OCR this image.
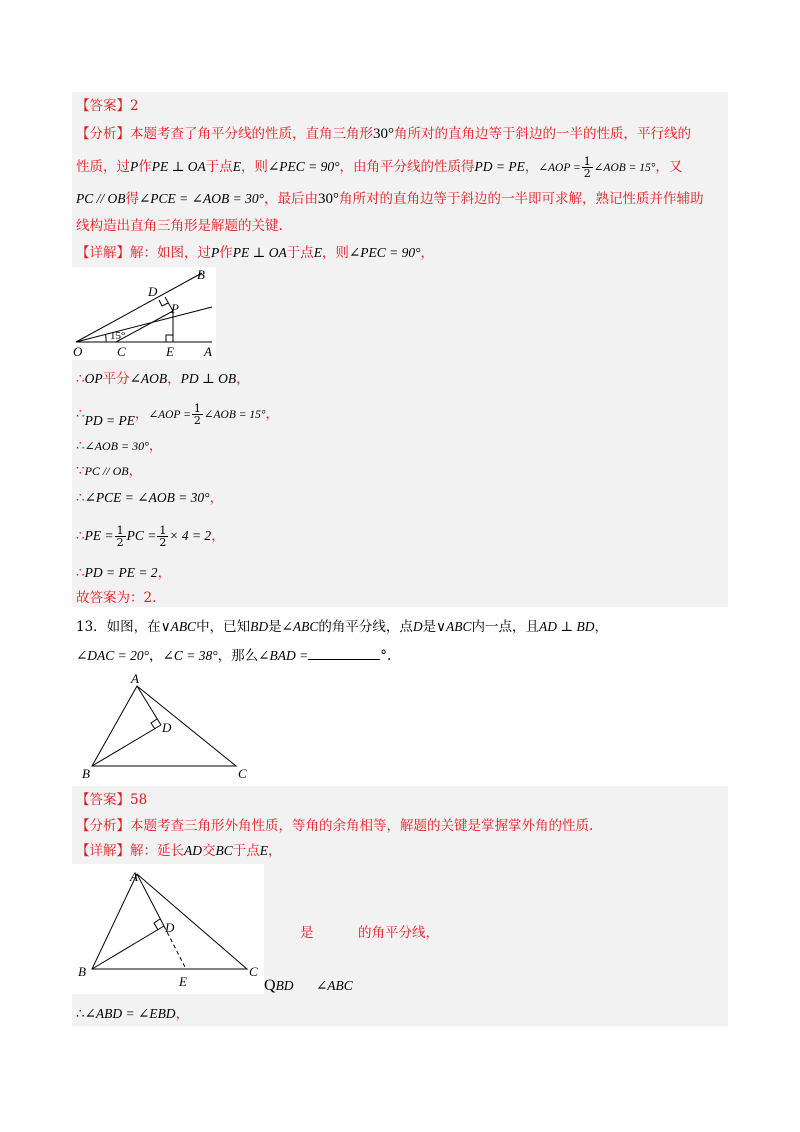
【答案】2
【分析】本题考查了角平分线的性质，直角三角形30°角所对的直角边等于斜边的一半的性质，平行线的
性质，过P作PE ⊥ OA于点E，则∠PEC = 90°，由角平分线的性质得PD = PE，∠AOP = $\frac{1}{2}$ ∠AOB = 15°，又
PC // OB得∠PCE = ∠AOB = 30°，最后由30°角所对的直角边等于斜边的一半即可求解，熟记性质并作辅助
线构造出直角三角形是解题的关键.
【详解】解：如图，过P作PE ⊥ OA于点E，则∠PEC = 90°，
15°
O	C	E A
B
D
P
∴OP平分∠AOB，PD ⊥ OB，
∴PD = PE，∠AOP = $\frac{1}{2}$ ∠AOB = 15°，
∴∠AOB = 30°，
∵PC // OB，
∴∠PCE = ∠AOB = 30°，
∴PE = $\frac{1}{2}$ PC = $\frac{1}{2} \times 4 = 2$，
∴PD = PE = 2，
故答案为：2.
13．如图，在∨ABC中，已知BD是∠ABC的角平分线，点D是∨ABC内一点，且AD ⊥ BD，
∠DAC = 20°，∠C = 38°，那么∠BAD =	°.
A
B	C
D
【答案】58
【分析】本题考查三角形外角性质，等角的余角相等，解题的关键是掌握掌外角的性质.
【详解】解：延长AD交BC于点E，
A
B	C
D
E
是	的角平分线，
QBD ∠ABC
∴∠ABD = ∠EBD，
